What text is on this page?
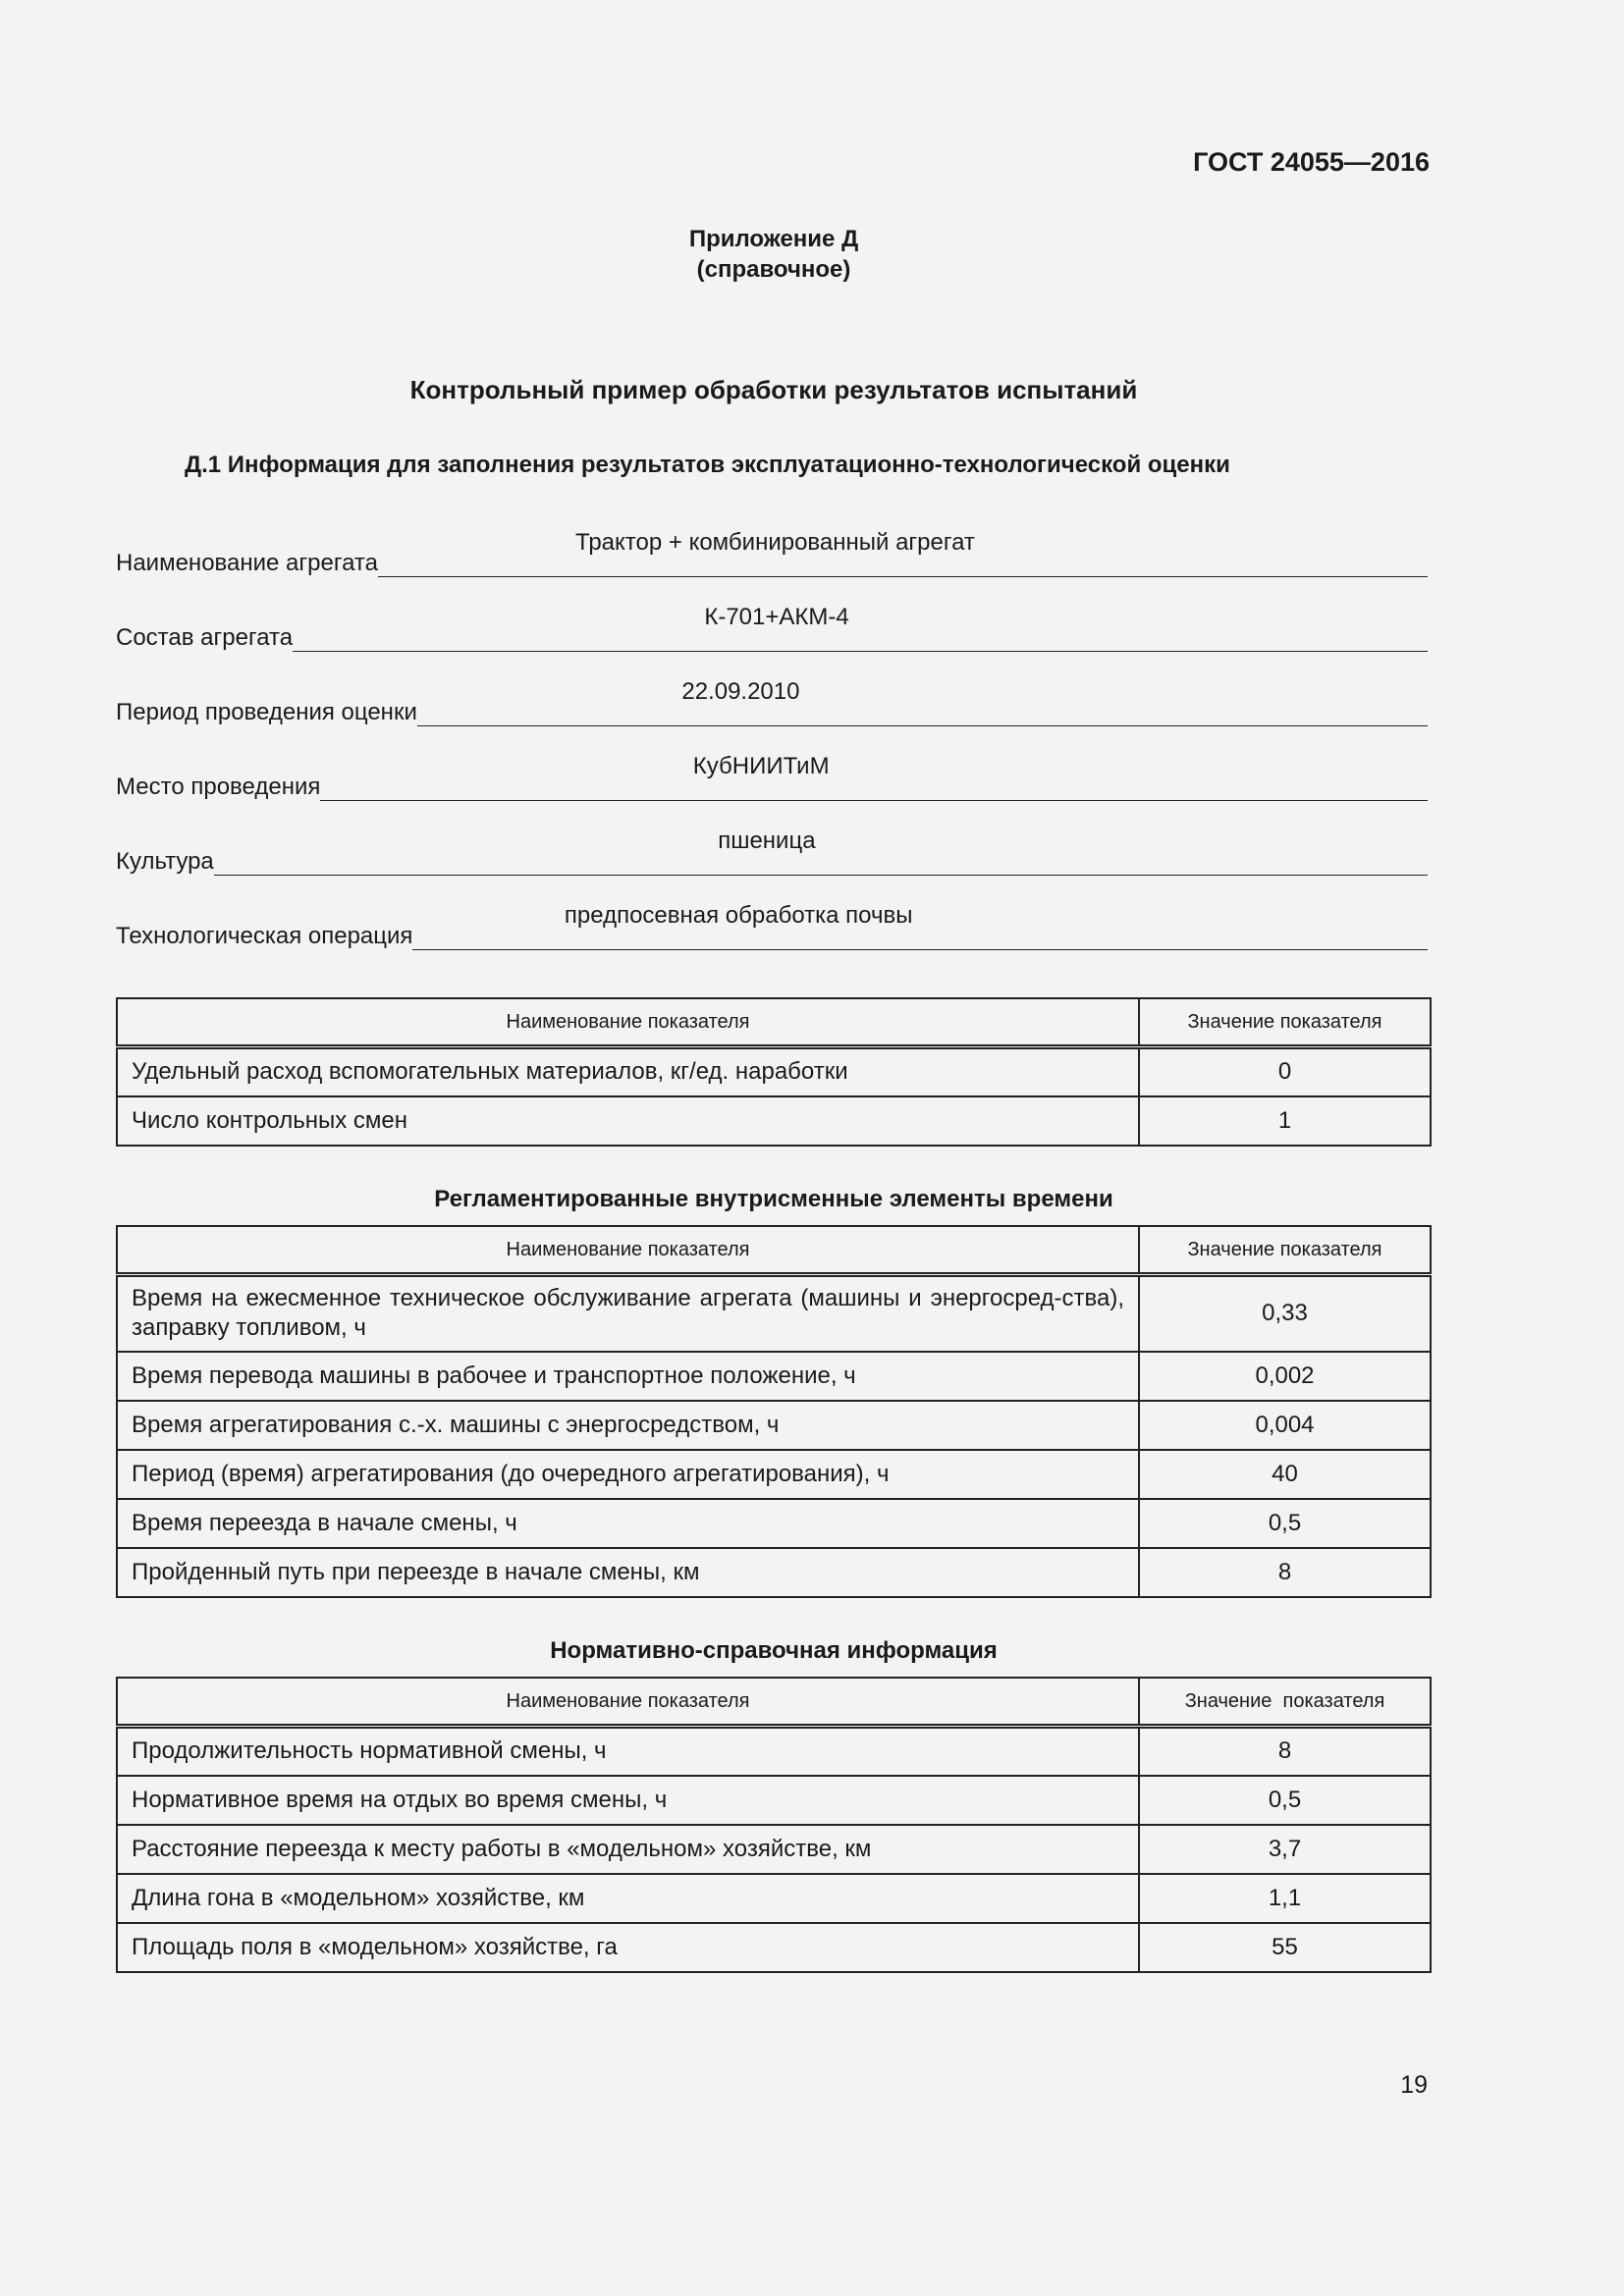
ГОСТ 24055—2016
Приложение Д
(справочное)
Контрольный пример обработки результатов испытаний
Д.1 Информация для заполнения результатов эксплуатационно-технологической оценки
Наименование агрегата
Трактор + комбинированный агрегат
Состав агрегата
К-701+АКМ-4
Период проведения оценки
22.09.2010
Место проведения
КубНИИТиМ
Культура
пшеница
Технологическая операция
предпосевная обработка почвы
Наименование показателя	Значение показателя
Удельный расход вспомогательных материалов, кг/ед. наработки	0
Число контрольных смен	1
Регламентированные внутрисменные элементы времени
Наименование показателя	Значение показателя
Время на ежесменное техническое обслуживание агрегата (машины и энергосред-ства), заправку топливом, ч	0,33
Время перевода машины в рабочее и транспортное положение, ч	0,002
Время агрегатирования с.-х. машины с энергосредством, ч	0,004
Период (время) агрегатирования (до очередного агрегатирования), ч	40
Время переезда в начале смены, ч	0,5
Пройденный путь при переезде в начале смены, км	8
Нормативно-справочная информация
Наименование показателя	Значение  показателя
Продолжительность нормативной смены, ч	8
Нормативное время на отдых во время смены, ч	0,5
Расстояние переезда к месту работы в «модельном» хозяйстве, км	3,7
Длина гона в «модельном» хозяйстве, км	1,1
Площадь поля в «модельном» хозяйстве, га	55
19
